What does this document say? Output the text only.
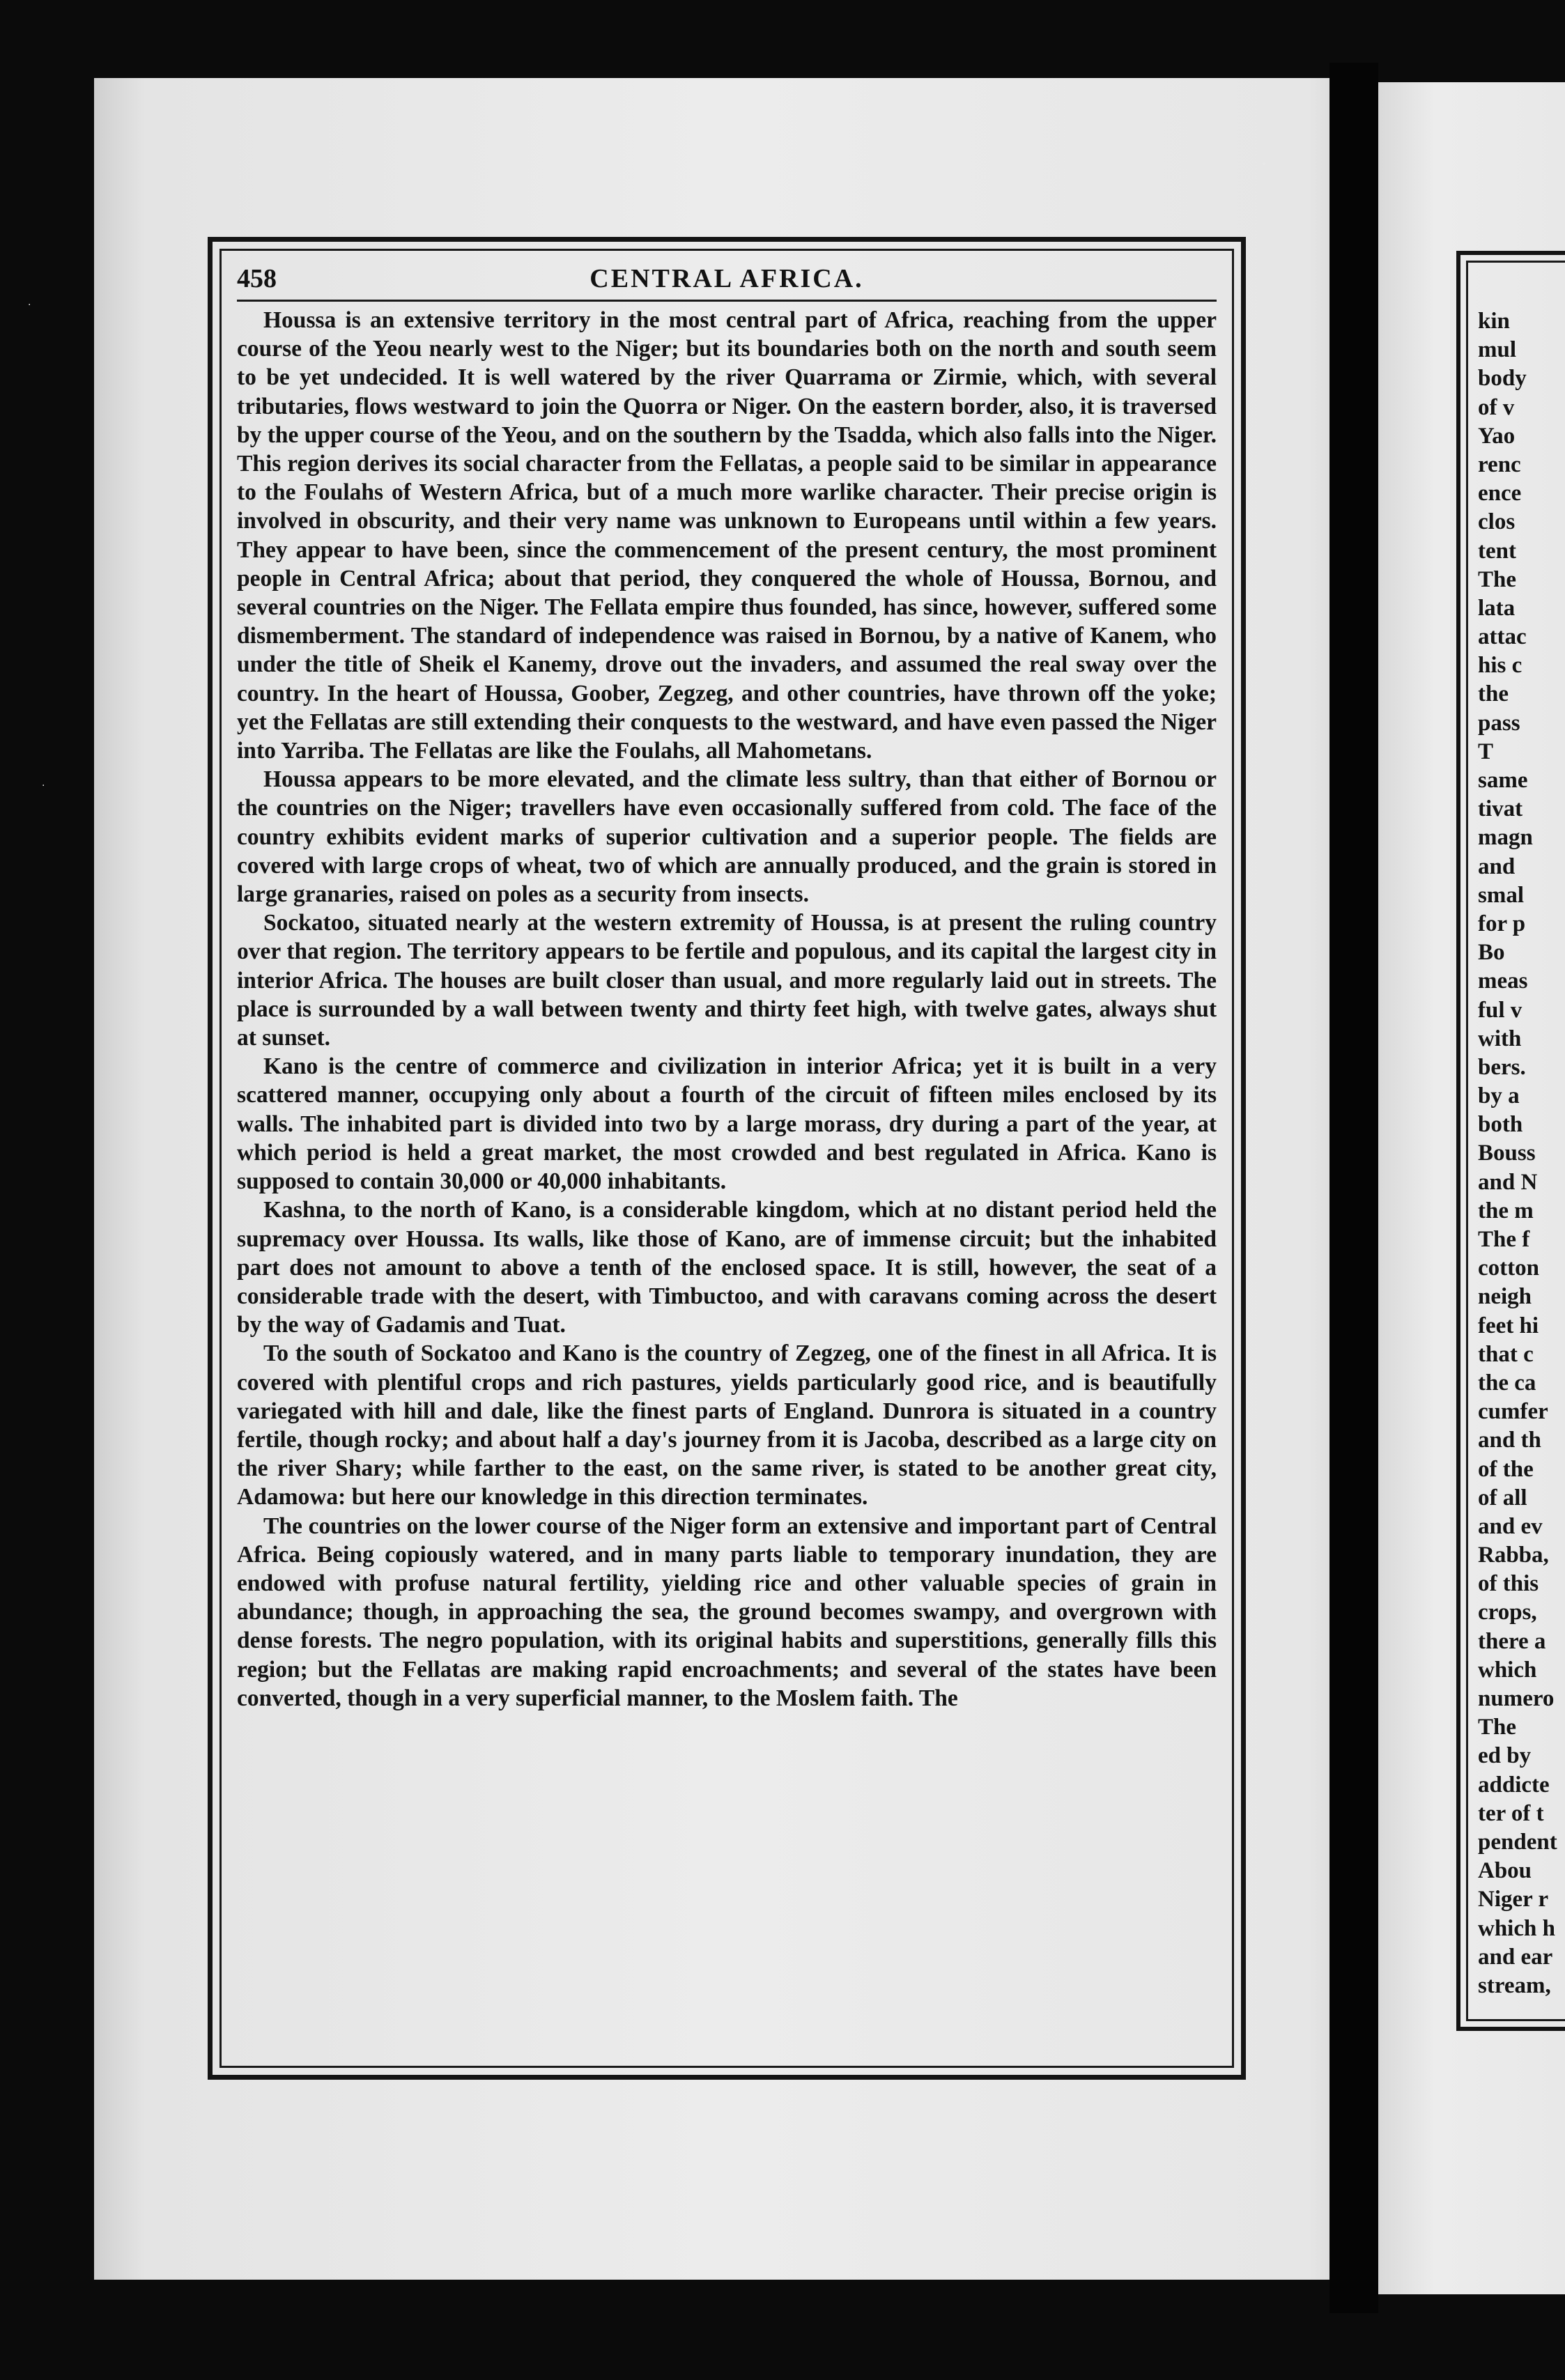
·
•
·
458	CENTRAL AFRICA.

Houssa is an extensive territory in the most central part of Africa, reaching from the upper course of the Yeou nearly west to the Niger; but its boundaries both on the north and south seem to be yet undecided. It is well watered by the river Quarrama or Zirmie, which, with several tributaries, flows westward to join the Quorra or Niger. On the eastern border, also, it is traversed by the upper course of the Yeou, and on the southern by the Tsadda, which also falls into the Niger. This region derives its social character from the Fellatas, a people said to be similar in appearance to the Foulahs of Western Africa, but of a much more warlike character. Their precise origin is involved in obscurity, and their very name was unknown to Europeans until within a few years. They appear to have been, since the commencement of the present century, the most prominent people in Central Africa; about that period, they conquered the whole of Houssa, Bornou, and several countries on the Niger. The Fellata empire thus founded, has since, however, suffered some dismemberment. The standard of independence was raised in Bornou, by a native of Kanem, who under the title of Sheik el Kanemy, drove out the invaders, and assumed the real sway over the country. In the heart of Houssa, Goober, Zegzeg, and other countries, have thrown off the yoke; yet the Fellatas are still extending their conquests to the westward, and have even passed the Niger into Yarriba. The Fellatas are like the Foulahs, all Mahometans.

Houssa appears to be more elevated, and the climate less sultry, than that either of Bornou or the countries on the Niger; travellers have even occasionally suffered from cold. The face of the country exhibits evident marks of superior cultivation and a superior people. The fields are covered with large crops of wheat, two of which are annually produced, and the grain is stored in large granaries, raised on poles as a security from insects.

Sockatoo, situated nearly at the western extremity of Houssa, is at present the ruling country over that region. The territory appears to be fertile and populous, and its capital the largest city in interior Africa. The houses are built closer than usual, and more regularly laid out in streets. The place is surrounded by a wall between twenty and thirty feet high, with twelve gates, always shut at sunset.

Kano is the centre of commerce and civilization in interior Africa; yet it is built in a very scattered manner, occupying only about a fourth of the circuit of fifteen miles enclosed by its walls. The inhabited part is divided into two by a large morass, dry during a part of the year, at which period is held a great market, the most crowded and best regulated in Africa. Kano is supposed to contain 30,000 or 40,000 inhabitants.

Kashna, to the north of Kano, is a considerable kingdom, which at no distant period held the supremacy over Houssa. Its walls, like those of Kano, are of immense circuit; but the inhabited part does not amount to above a tenth of the enclosed space. It is still, however, the seat of a considerable trade with the desert, with Timbuctoo, and with caravans coming across the desert by the way of Gadamis and Tuat.

To the south of Sockatoo and Kano is the country of Zegzeg, one of the finest in all Africa. It is covered with plentiful crops and rich pastures, yields particularly good rice, and is beautifully variegated with hill and dale, like the finest parts of England. Dunrora is situated in a country fertile, though rocky; and about half a day's journey from it is Jacoba, described as a large city on the river Shary; while farther to the east, on the same river, is stated to be another great city, Adamowa: but here our knowledge in this direction terminates.

The countries on the lower course of the Niger form an extensive and important part of Central Africa. Being copiously watered, and in many parts liable to temporary inundation, they are endowed with profuse natural fertility, yielding rice and other valuable species of grain in abundance; though, in approaching the sea, the ground becomes swampy, and overgrown with dense forests. The negro population, with its original habits and superstitions, generally fills this region; but the Fellatas are making rapid encroachments; and several of the states have been converted, though in a very superficial manner, to the Moslem faith. The

kin
mul
body
of v
Yao
renc
ence
clos
tent
The
lata
attac
his c
the
pass
T
same
tivat
magn
and
smal
for p
Bo
meas
ful v
with
bers.
by a
both
Bouss
and N
the m
The f
cotton
neigh
feet hi
that c
the ca
cumfer
and th
of the
of all
and ev
Rabba,
of this
crops,
there a
which
numero
The
ed by
addicte
ter of t
pendent
Abou
Niger r
which h
and ear
stream,
